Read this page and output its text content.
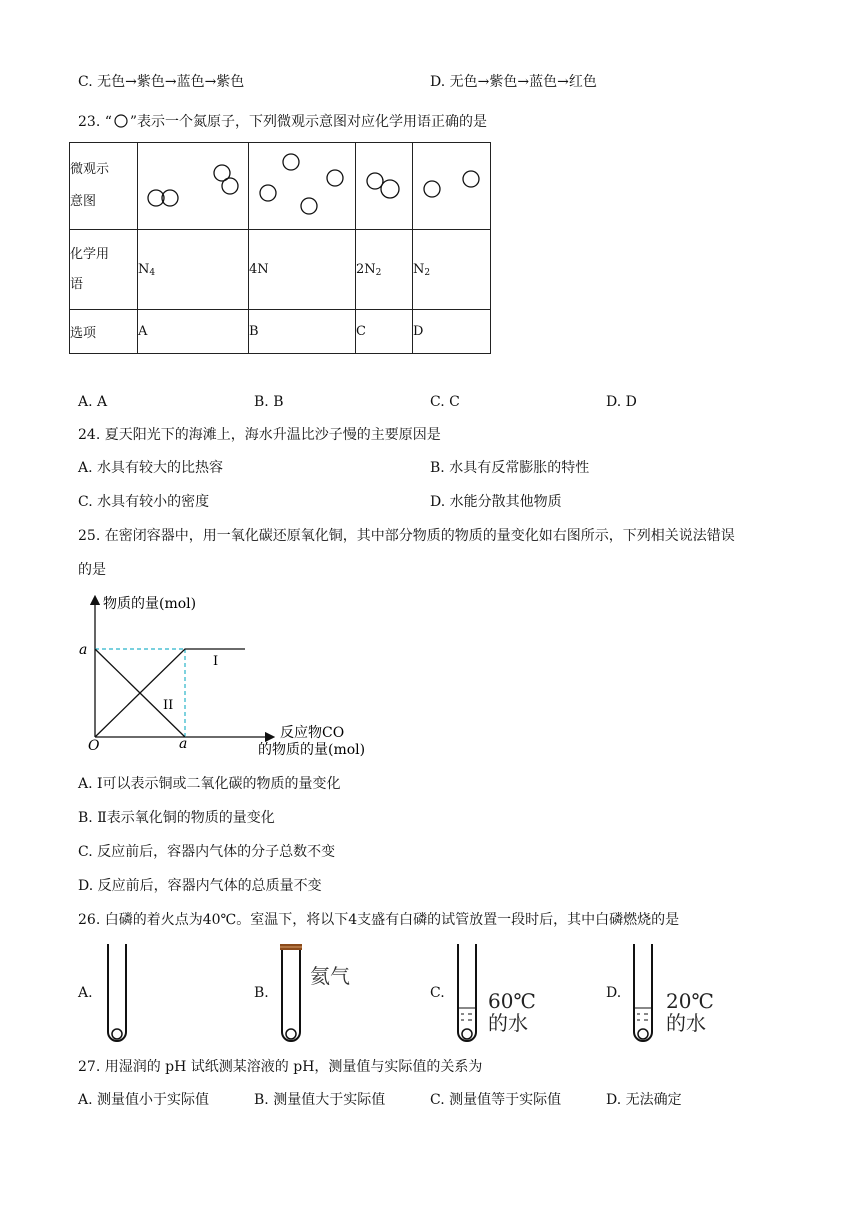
C. 无色→紫色→蓝色→紫色	D. 无色→紫色→蓝色→红色
23. “ ”表示一个氮原子，下列微观示意图对应化学用语正确的是
微观示
意图

化学用
语	$N_4$	4N	$2N_2$	$N_2$
选项	A	B	C	D
A. A	B. B	C. C	D. D
24. 夏天阳光下的海滩上，海水升温比沙子慢的主要原因是
A. 水具有较大的比热容	B. 水具有反常膨胀的特性
C. 水具有较小的密度	D. 水能分散其他物质
25. 在密闭容器中，用一氧化碳还原氧化铜，其中部分物质的物质的量变化如右图所示，下列相关说法错误
的是
物质的量(mol)
a
O	a
I
II
反应物CO
的物质的量(mol)
A. Ⅰ可以表示铜或二氧化碳的物质的量变化
B. Ⅱ表示氧化铜的物质的量变化
C. 反应前后，容器内气体的分子总数不变
D. 反应前后，容器内气体的总质量不变
26. 白磷的着火点为40℃。室温下，将以下4支盛有白磷的试管放置一段时后，其中白磷燃烧的是
A.	B.
氦气
C. 60℃
的水
D. 20℃
的水
27. 用湿润的 pH 试纸测某溶液的 pH，测量值与实际值的关系为
A. 测量值小于实际值	B. 测量值大于实际值	C. 测量值等于实际值	D. 无法确定
